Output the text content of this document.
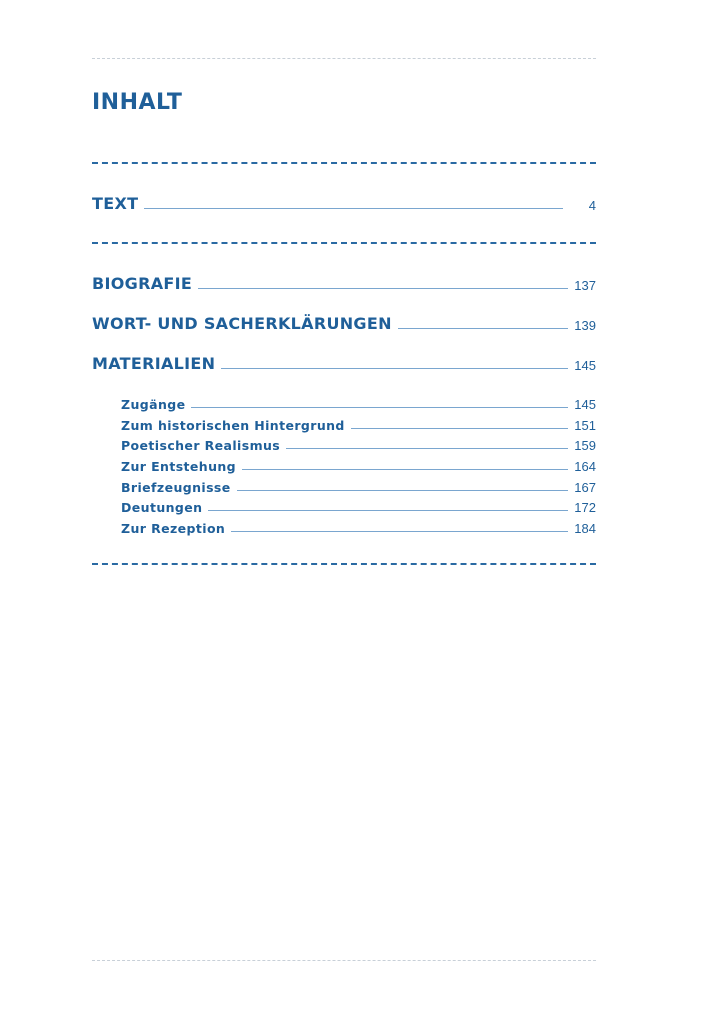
INHALT
TEXT	4
BIOGRAFIE	137
WORT- UND SACHERKLÄRUNGEN	139
MATERIALIEN	145
Zugänge	145
Zum historischen Hintergrund	151
Poetischer Realismus	159
Zur Entstehung	164
Briefzeugnisse	167
Deutungen	172
Zur Rezeption	184
